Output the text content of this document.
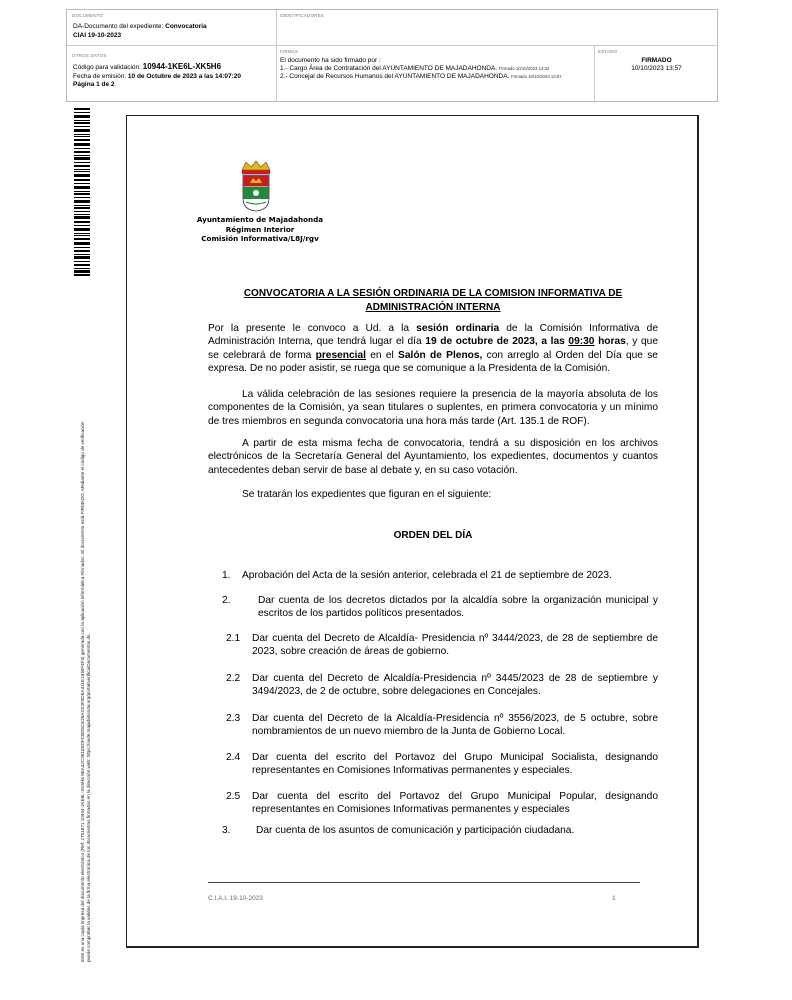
DOCUMENTO
DA-Documento del expediente: Convocatoria
CIAI 19-10-2023
IDENTIFICADORES
OTROS DATOS
Código para validación: 10944-1KE6L-XK5H6
Fecha de emisión: 10 de Octubre de 2023 a las 14:07:20
Página 1 de 2
FIRMAS
El documento ha sido firmado por :
1.- Cargo Área de Contratación del AYUNTAMIENTO DE MAJADAHONDA. Firmado 10/10/2023 13:32
2.- Concejal de Recursos Humanos del AYUNTAMIENTO DE MAJADAHONDA. Firmado 10/10/2023 13:57
ESTADO
FIRMADO
10/10/2023 13:57
Este es una copia impresa del documento electrónico (Ref: 2751871 10944-1KE6L-XK5H6 9EA42C461E5DFCBD5CE28AD24F0DEA411E1940F4F4) generada con la aplicación informática Firmadoc. El documento está FIRMADO. Mediante el código de verificación puede comprobar la validez de la firma electrónica de los documentos firmados en la dirección web: https://sede.majadahonda.org/portal/verificarDocumentos.do
Ayuntamiento de Majadahonda
Régimen Interior
Comisión Informativa/L8J/rgv
CONVOCATORIA A LA SESIÓN ORDINARIA DE LA COMISION INFORMATIVA DE
ADMINISTRACIÓN INTERNA
Por la presente le convoco a Ud. a la sesión ordinaria de la Comisión Informativa de Administración Interna, que tendrá lugar el día 19 de octubre de 2023, a las 09:30 horas, y que se celebrará de forma presencial en el Salón de Plenos, con arreglo al Orden del Día que se expresa. De no poder asistir, se ruega que se comunique a la Presidenta de la Comisión.
La válida celebración de las sesiones requiere la presencia de la mayoría absoluta de los componentes de la Comisión, ya sean titulares o suplentes, en primera convocatoria y un mínimo de tres miembros en segunda convocatoria una hora más tarde (Art. 135.1 de ROF).
A partir de esta misma fecha de convocatoria, tendrá a su disposición en los archivos electrónicos de la Secretaría General del Ayuntamiento, los expedientes, documentos y cuantos antecedentes deban servir de base al debate y, en su caso votación.
Se tratarán los expedientes que figuran en el siguiente:
ORDEN DEL DÍA
1. Aprobación del Acta de la sesión anterior, celebrada el 21 de septiembre de 2023.
2.	Dar cuenta de los decretos dictados por la alcaldía sobre la organización municipal y escritos de los partidos políticos presentados.
2.1 Dar cuenta del Decreto de Alcaldía- Presidencia nº 3444/2023, de 28 de septiembre de 2023, sobre creación de áreas de gobierno.
2.2 Dar cuenta del Decreto de Alcaldía-Presidencia nº 3445/2023 de 28 de septiembre y 3494/2023, de 2 de octubre, sobre delegaciones en Concejales.
2.3 Dar cuenta del Decreto de la Alcaldía-Presidencia nº 3556/2023, de 5 octubre, sobre nombramientos de un nuevo miembro de la Junta de Gobierno Local.
2.4 Dar cuenta del escrito del Portavoz del Grupo Municipal Socialista, designando representantes en Comisiones Informativas permanentes y especiales.
2.5 Dar cuenta del escrito del Portavoz del Grupo Municipal Popular, designando representantes en Comisiones Informativas permanentes y especiales
3.	Dar cuenta de los asuntos de comunicación y participación ciudadana.
C.I.A.I. 19-10-2023	1
